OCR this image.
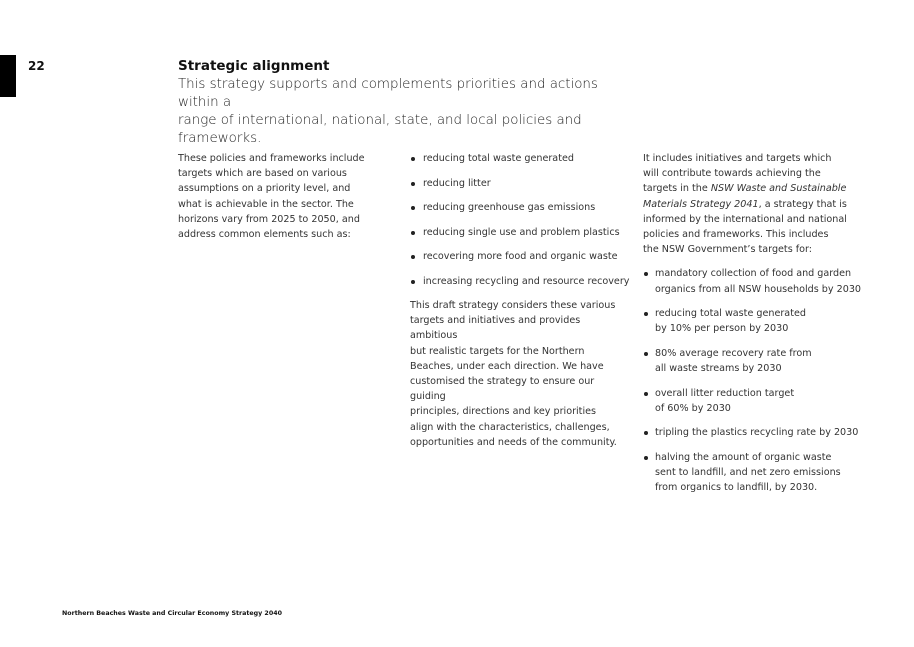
22	Strategic alignment
This strategy supports and complements priorities and actions within a
range of international, national, state, and local policies and frameworks.

These policies and frameworks include
targets which are based on various
assumptions on a priority level, and
what is achievable in the sector. The
horizons vary from 2025 to 2050, and
address common elements such as:

reducing total waste generated
reducing litter
reducing greenhouse gas emissions
reducing single use and problem plastics
recovering more food and organic waste
increasing recycling and resource recovery

This draft strategy considers these various
targets and initiatives and provides ambitious
but realistic targets for the Northern
Beaches, under each direction. We have
customised the strategy to ensure our guiding
principles, directions and key priorities
align with the characteristics, challenges,
opportunities and needs of the community.

It includes initiatives and targets which
will contribute towards achieving the
targets in the NSW Waste and Sustainable
Materials Strategy 2041, a strategy that is
informed by the international and national
policies and frameworks. This includes
the NSW Government’s targets for:

mandatory collection of food and garden
organics from all NSW households by 2030
reducing total waste generated
by 10% per person by 2030
80% average recovery rate from
all waste streams by 2030
overall litter reduction target
of 60% by 2030
tripling the plastics recycling rate by 2030
halving the amount of organic waste
sent to landfill, and net zero emissions
from organics to landfill, by 2030.
Northern Beaches Waste and Circular Economy Strategy 2040
